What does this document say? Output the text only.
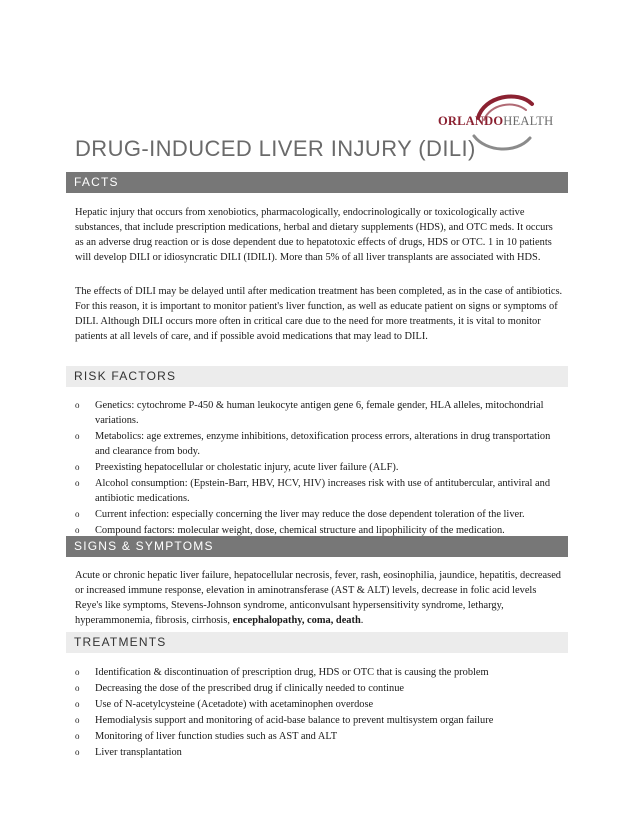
ORLANDOHEALTH
DRUG-INDUCED LIVER INJURY (DILI)
FACTS

Hepatic injury that occurs from xenobiotics, pharmacologically, endocrinologically or toxicologically active substances, that include prescription medications, herbal and dietary supplements (HDS), and OTC meds. It occurs as an adverse drug reaction or is dose dependent due to hepatotoxic effects of drugs, HDS or OTC. 1 in 10 patients will develop DILI or idiosyncratic DILI (IDILI). More than 5% of all liver transplants are associated with HDS.

The effects of DILI may be delayed until after medication treatment has been completed, as in the case of antibiotics. For this reason, it is important to monitor patient's liver function, as well as educate patient on signs or symptoms of DILI. Although DILI occurs more often in critical care due to the need for more treatments, it is vital to monitor patients at all levels of care, and if possible avoid medications that may lead to DILI.

RISK FACTORS
o Genetics: cytochrome P-450 & human leukocyte antigen gene 6, female gender, HLA alleles, mitochondrial variations.
o Metabolics: age extremes, enzyme inhibitions, detoxification process errors, alterations in drug transportation and clearance from body.
o Preexisting hepatocellular or cholestatic injury, acute liver failure (ALF).
o Alcohol consumption: (Epstein-Barr, HBV, HCV, HIV) increases risk with use of antitubercular, antiviral and antibiotic medications.
o Current infection: especially concerning the liver may reduce the dose dependent toleration of the liver.
o Compound factors: molecular weight, dose, chemical structure and lipophilicity of the medication.
SIGNS & SYMPTOMS

Acute or chronic hepatic liver failure, hepatocellular necrosis, fever, rash, eosinophilia, jaundice, hepatitis, decreased or increased immune response, elevation in aminotransferase (AST & ALT) levels, decrease in folic acid levels Reye's like symptoms, Stevens-Johnson syndrome, anticonvulsant hypersensitivity syndrome, lethargy, hyperammonemia, fibrosis, cirrhosis, encephalopathy, coma, death.

TREATMENTS
o Identification & discontinuation of prescription drug, HDS or OTC that is causing the problem
o Decreasing the dose of the prescribed drug if clinically needed to continue
o Use of N-acetylcysteine (Acetadote) with acetaminophen overdose
o Hemodialysis support and monitoring of acid-base balance to prevent multisystem organ failure
o Monitoring of liver function studies such as AST and ALT
o Liver transplantation
